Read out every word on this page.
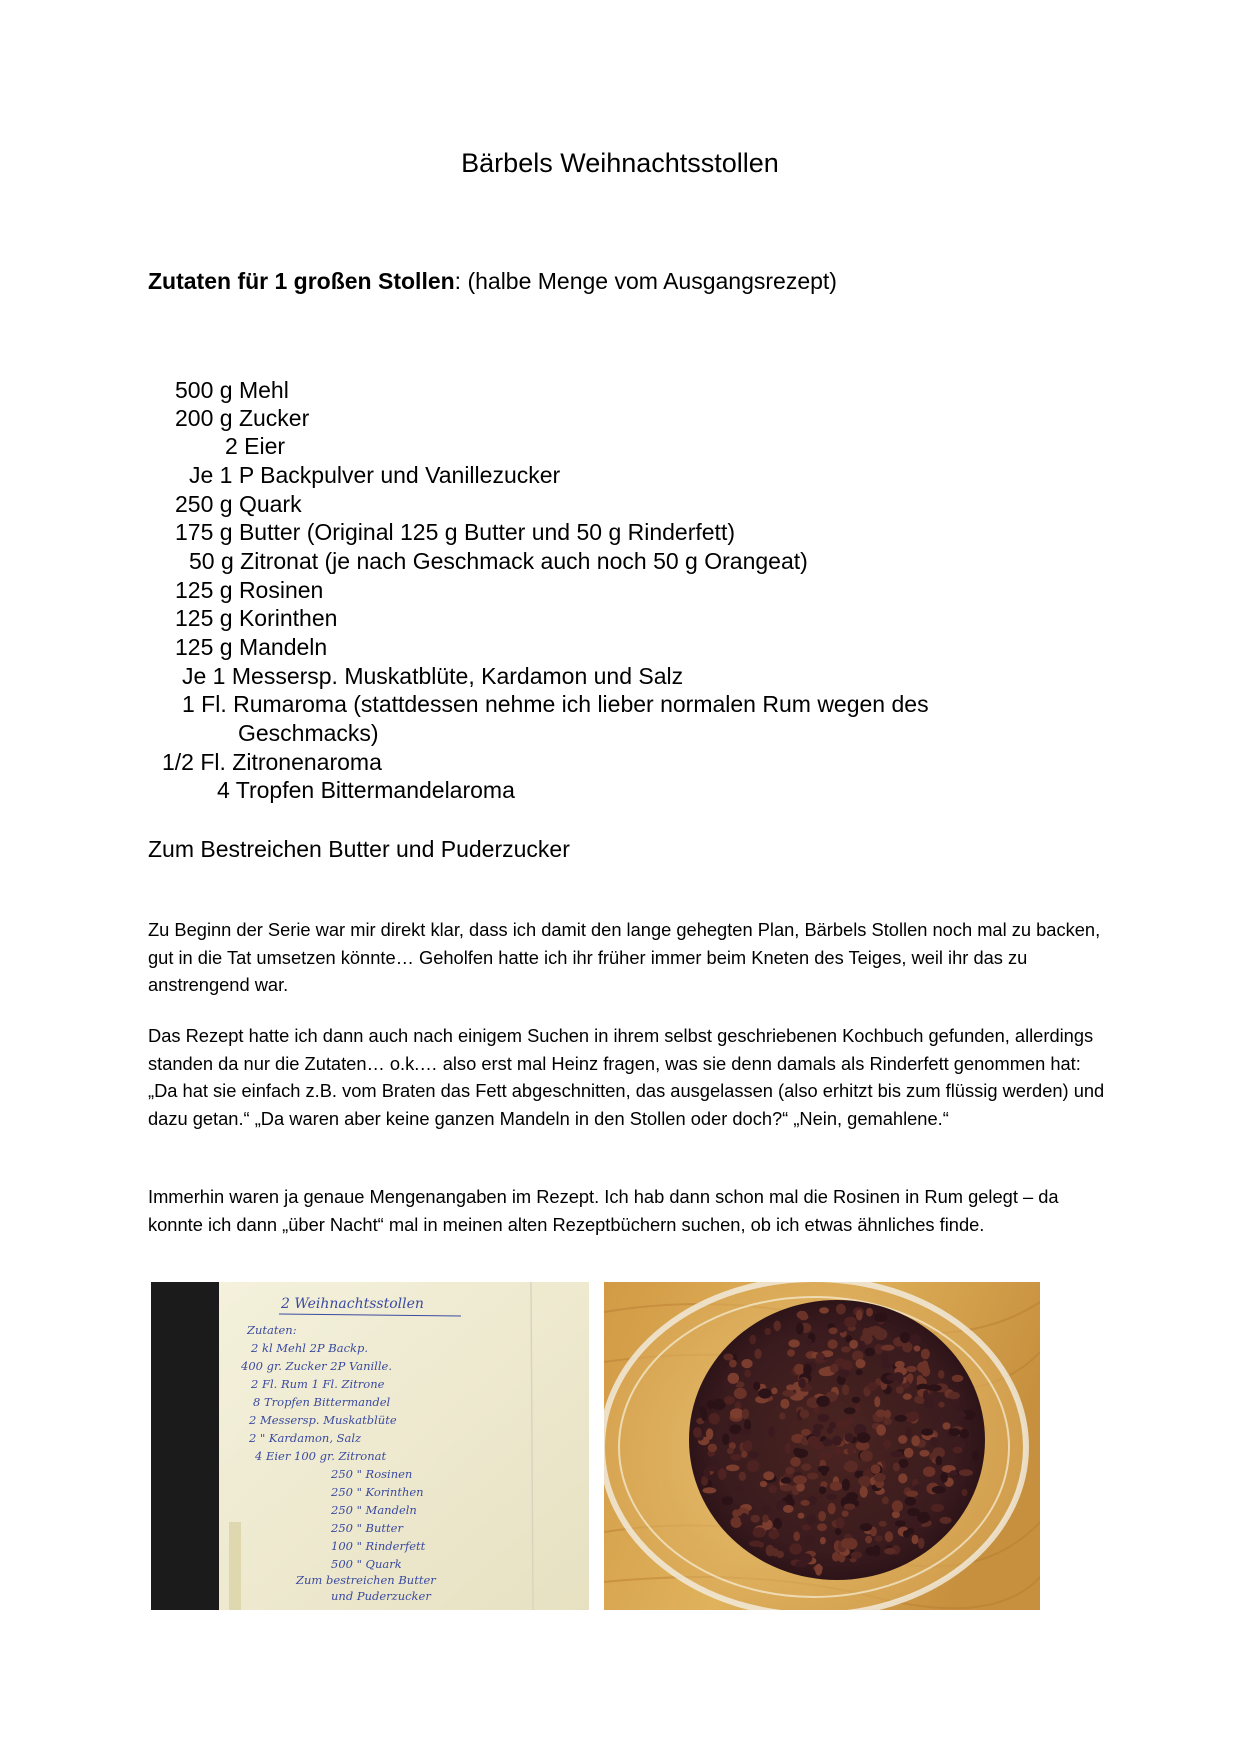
Bärbels Weihnachtsstollen
Zutaten für 1 großen Stollen: (halbe Menge vom Ausgangsrezept)
500 g Mehl
200 g Zucker
2 Eier
Je 1 P Backpulver und Vanillezucker
250 g Quark
175 g Butter (Original 125 g Butter und 50 g Rinderfett)
50 g Zitronat (je nach Geschmack auch noch 50 g Orangeat)
125 g Rosinen
125 g Korinthen
125 g Mandeln
Je 1 Messersp. Muskatblüte, Kardamon und Salz
1 Fl. Rumaroma (stattdessen nehme ich lieber normalen Rum wegen des
Geschmacks)
1/2 Fl. Zitronenaroma
4 Tropfen Bittermandelaroma
Zum Bestreichen Butter und Puderzucker
Zu Beginn der Serie war mir direkt klar, dass ich damit den lange gehegten Plan, Bärbels Stollen noch mal zu backen, gut in die Tat umsetzen könnte… Geholfen hatte ich ihr früher immer beim Kneten des Teiges, weil ihr das zu anstrengend war.
Das Rezept hatte ich dann auch nach einigem Suchen in ihrem selbst geschriebenen Kochbuch gefunden, allerdings standen da nur die Zutaten… o.k.… also erst mal Heinz fragen, was sie denn damals als Rinderfett genommen hat: „Da hat sie einfach z.B. vom Braten das Fett abgeschnitten, das ausgelassen (also erhitzt bis zum flüssig werden) und dazu getan.“ „Da waren aber keine ganzen Mandeln in den Stollen oder doch?“ „Nein, gemahlene.“
Immerhin waren ja genaue Mengenangaben im Rezept. Ich hab dann schon mal die Rosinen in Rum gelegt – da konnte ich dann „über Nacht“ mal in meinen alten Rezeptbüchern suchen, ob ich etwas ähnliches finde.
2 Weihnachtsstollen
Zutaten:
2 kl Mehl 2P Backp.
400 gr. Zucker 2P Vanille.
2 Fl. Rum 1 Fl. Zitrone
8 Tropfen Bittermandel
2 Messersp. Muskatblüte
2 " Kardamon, Salz
4 Eier 100 gr. Zitronat
250 " Rosinen
250 " Korinthen
250 " Mandeln
250 " Butter
100 " Rinderfett
500 " Quark
Zum bestreichen Butter
und Puderzucker
